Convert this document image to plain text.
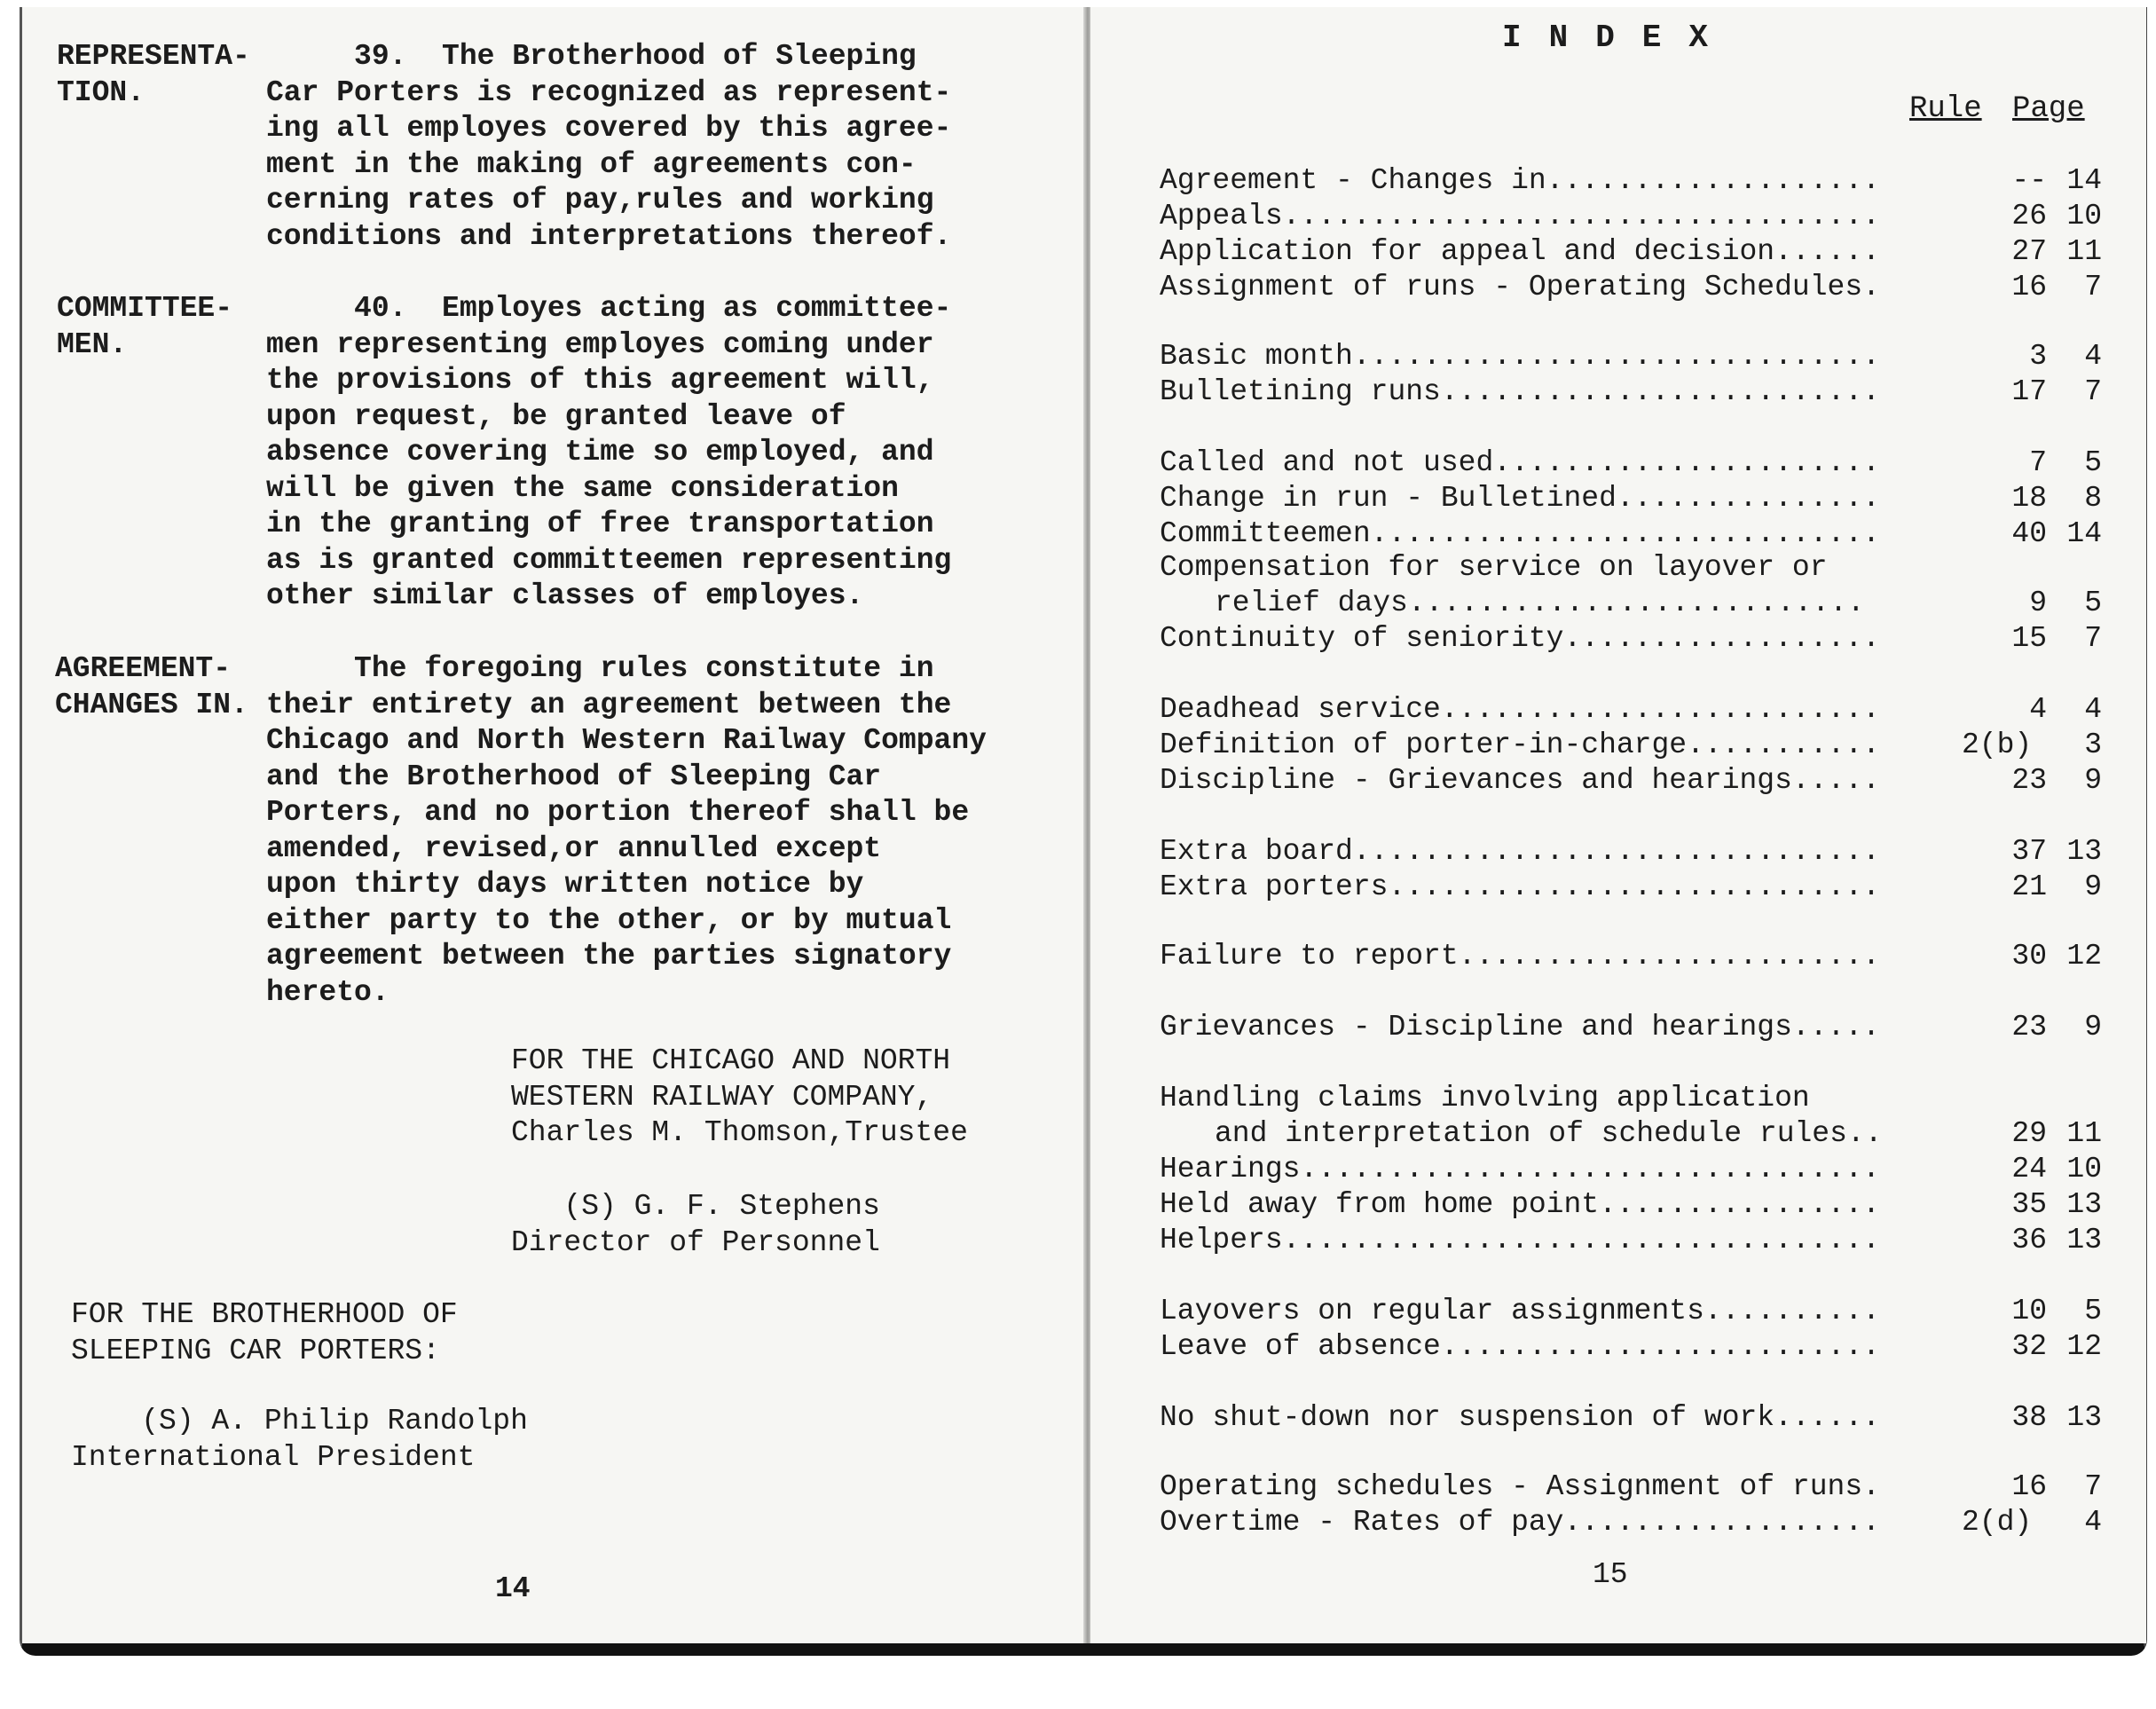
REPRESENTA-
TION.
39.  The Brotherhood of Sleeping
Car Porters is recognized as represent-
ing all employes covered by this agree-
ment in the making of agreements con-
cerning rates of pay,rules and working
conditions and interpretations thereof.
COMMITTEE-
MEN.
40.  Employes acting as committee-
men representing employes coming under
the provisions of this agreement will,
upon request, be granted leave of
absence covering time so employed, and
will be given the same consideration
in the granting of free transportation
as is granted committeemen representing
other similar classes of employes.
AGREEMENT-
CHANGES IN.
The foregoing rules constitute in
their entirety an agreement between the
Chicago and North Western Railway Company
and the Brotherhood of Sleeping Car
Porters, and no portion thereof shall be
amended, revised,or annulled except
upon thirty days written notice by
either party to the other, or by mutual
agreement between the parties signatory
hereto.
FOR THE CHICAGO AND NORTH
WESTERN RAILWAY COMPANY,
Charles M. Thomson,Trustee
(S) G. F. Stephens
Director of Personnel
FOR THE BROTHERHOOD OF
SLEEPING CAR PORTERS:
(S) A. Philip Randolph
International President
14
INDEX
Rule Page
Agreement - Changes in...................	-- 14
Appeals..................................	26 10
Application for appeal and decision......	27 11
Assignment of runs - Operating Schedules.	16	7
Basic month..............................	3	4
Bulletining runs.........................	17	7
Called and not used......................	7	5
Change in run - Bulletined...............	18	8
Committeemen.............................	40 14
Compensation for service on layover or
relief days..........................	9	5
Continuity of seniority..................	15	7
Deadhead service.........................	4	4
Definition of porter-in-charge...........	2(b)	3
Discipline - Grievances and hearings.....	23	9
Extra board..............................	37 13
Extra porters............................	21	9
Failure to report........................	30 12
Grievances - Discipline and hearings.....	23	9
Handling claims involving application
and interpretation of schedule rules..	29 11
Hearings.................................	24 10
Held away from home point................	35 13
Helpers..................................	36 13
Layovers on regular assignments..........	10	5
Leave of absence.........................	32 12
No shut-down nor suspension of work......	38 13
Operating schedules - Assignment of runs.	16	7
Overtime - Rates of pay..................	2(d)	4
15
